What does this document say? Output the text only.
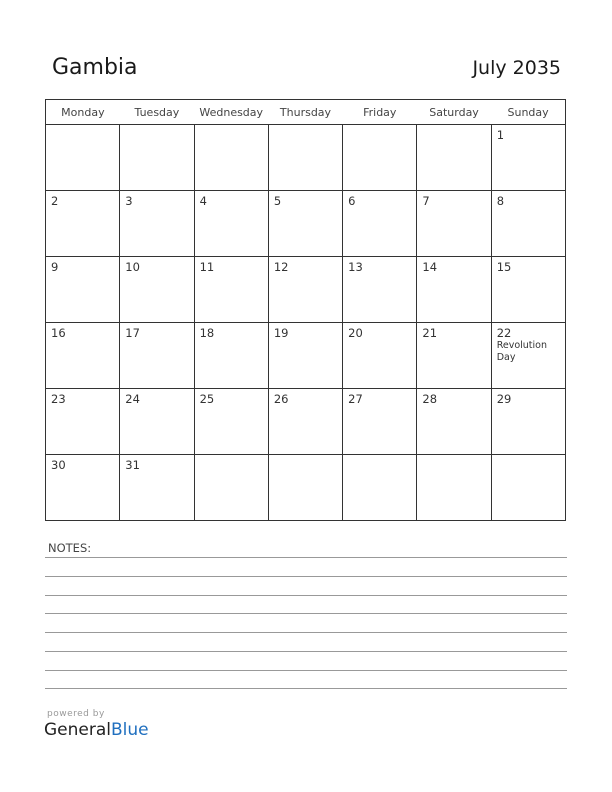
Gambia	July 2035
Monday	Tuesday	Wednesday	Thursday	Friday	Saturday	Sunday

						1

2	3	4	5	6	7	8

9	10	11	12	13	14	15

16	17	18	19	20	21	22
Revolution Day

23	24	25	26	27	28	29

30	31					

NOTES:
powered by
GeneralBlue
